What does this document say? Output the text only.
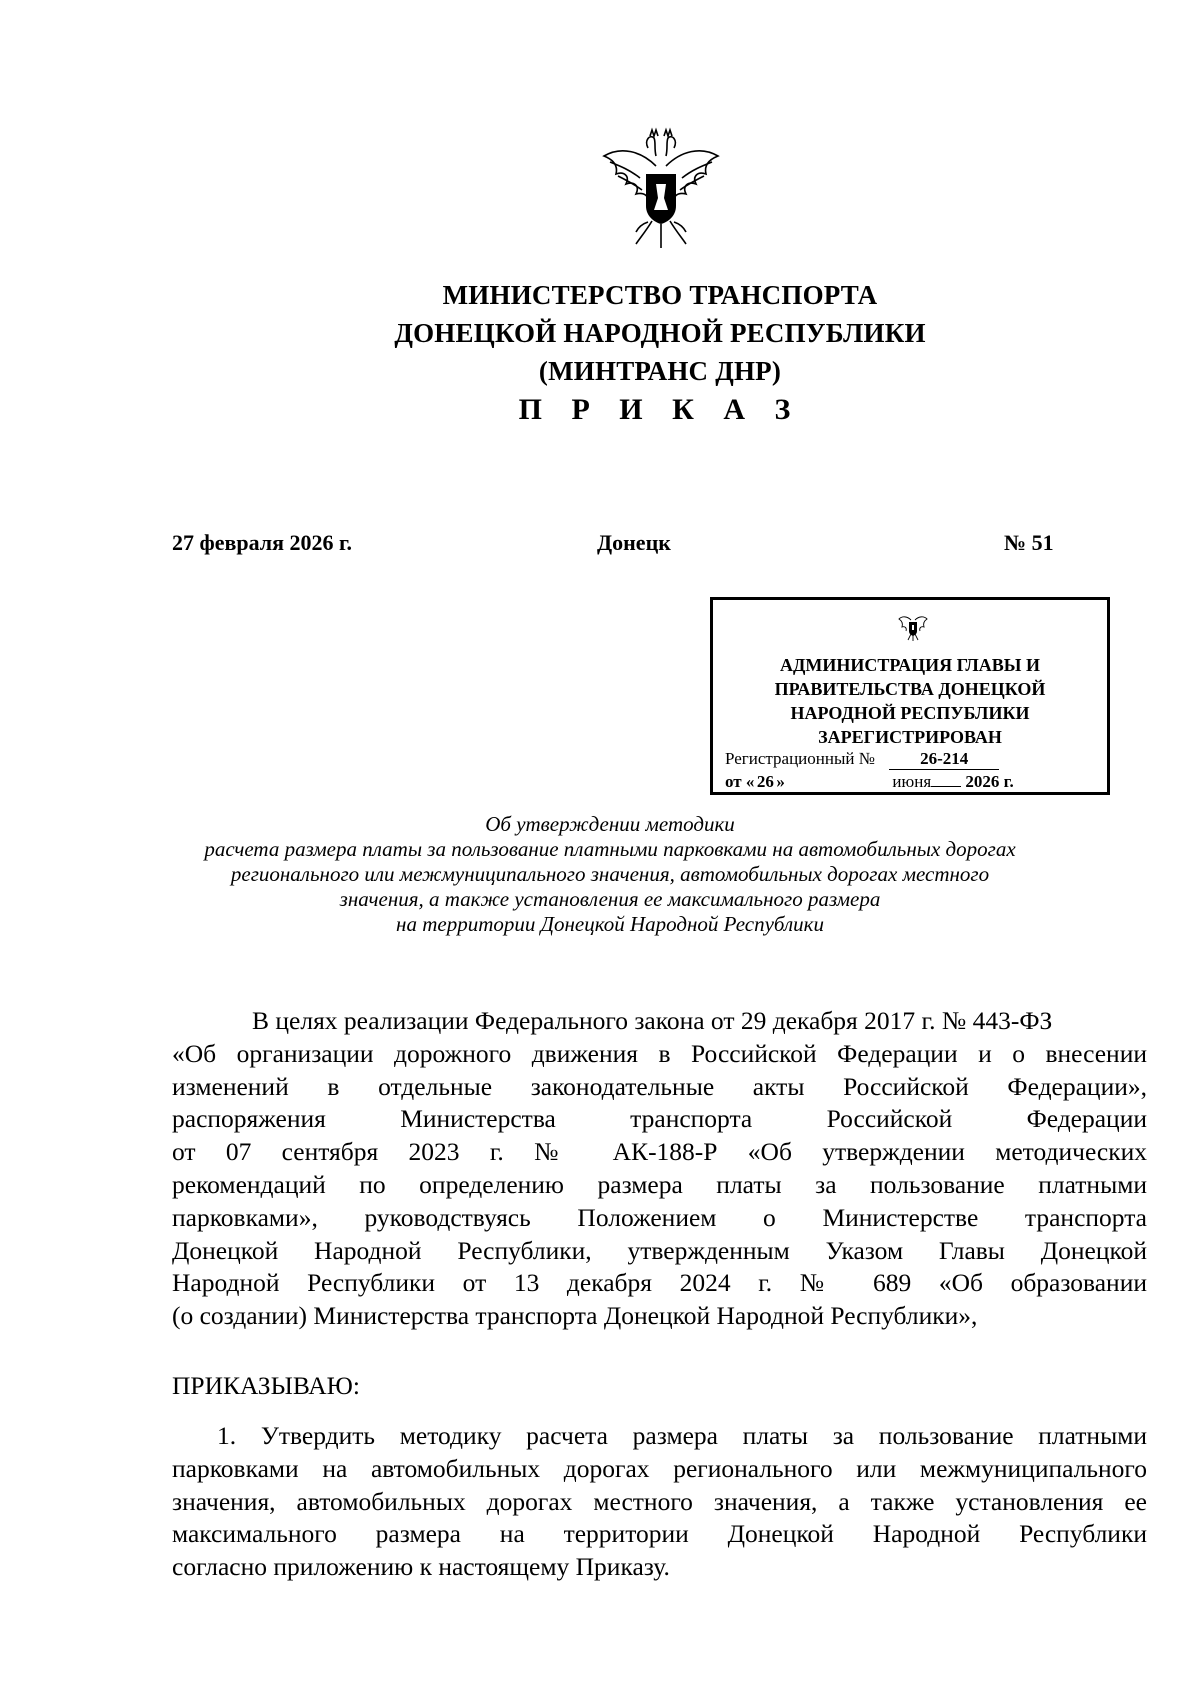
МИНИСТЕРСТВО ТРАНСПОРТА
ДОНЕЦКОЙ НАРОДНОЙ РЕСПУБЛИКИ
(МИНТРАНС ДНР)
П Р И К А З
27 февраля 2026 г.	Донецк	№ 51
АДМИНИСТРАЦИЯ ГЛАВЫ И
ПРАВИТЕЛЬСТВА ДОНЕЦКОЙ
НАРОДНОЙ РЕСПУБЛИКИ
ЗАРЕГИСТРИРОВАН
Регистрационный №	26-214
от « 26 »	июня 2026 г.
Об утверждении методики
расчета размера платы за пользование платными парковками на автомобильных дорогах
регионального или межмуниципального значения, автомобильных дорогах местного
значения, а также установления ее максимального размера
на территории Донецкой Народной Республики
В целях реализации Федерального закона от 29 декабря 2017 г. № 443-ФЗ
«Об организации дорожного движения в Российской Федерации и о внесении
изменений в отдельные законодательные акты Российской Федерации»,
распоряжения Министерства транспорта Российской Федерации
от 07 сентября 2023 г. № АК-188-Р «Об утверждении методических
рекомендаций по определению размера платы за пользование платными
парковками», руководствуясь Положением о Министерстве транспорта
Донецкой Народной Республики, утвержденным Указом Главы Донецкой
Народной Республики от 13 декабря 2024 г. № 689 «Об образовании
(о создании) Министерства транспорта Донецкой Народной Республики»,
ПРИКАЗЫВАЮ:
1. Утвердить методику расчета размера платы за пользование платными
парковками на автомобильных дорогах регионального или межмуниципального
значения, автомобильных дорогах местного значения, а также установления ее
максимального размера на территории Донецкой Народной Республики
согласно приложению к настоящему Приказу.
